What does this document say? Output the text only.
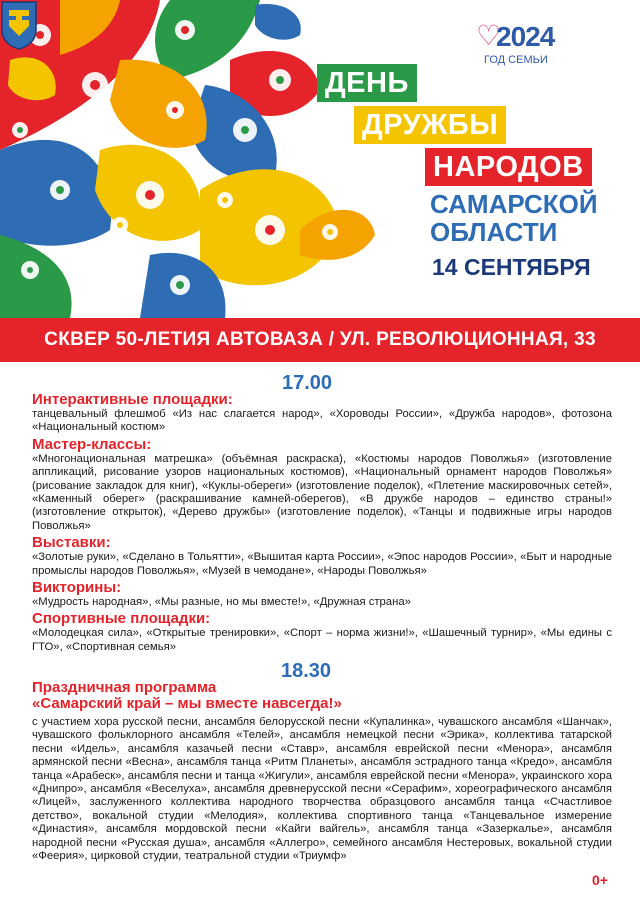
♡
2024
ГОД СЕМЬИ
ДЕНЬ
ДРУЖБЫ
НАРОДОВ
САМАРСКОЙ
ОБЛАСТИ
14 СЕНТЯБРЯ
СКВЕР 50-ЛЕТИЯ АВТОВАЗА / УЛ. РЕВОЛЮЦИОННАЯ, 33
17.00

Интерактивные площадки:

танцевальный флешмоб «Из нас слагается народ», «Хороводы России», «Дружба народов», фотозона «Национальный костюм»

Мастер-классы:

«Многонациональная матрешка» (объёмная раскраска), «Костюмы народов Поволжья» (изготовление аппликаций, рисование узоров национальных костюмов), «Национальный орнамент народов Поволжья» (рисование закладок для книг), «Куклы-обереги» (изготовление поделок), «Плетение маскировочных сетей», «Каменный оберег» (раскрашивание камней-оберегов), «В дружбе народов – единство страны!» (изготовление открыток), «Дерево дружбы» (изготовление поделок), «Танцы и подвижные игры народов Поволжья»

Выставки:

«Золотые руки», «Сделано в Тольятти», «Вышитая карта России», «Эпос народов России», «Быт и народные промыслы народов Поволжья», «Музей в чемодане», «Народы Поволжья»

Викторины:

«Мудрость народная», «Мы разные, но мы вместе!», «Дружная страна»

Спортивные площадки:

«Молодецкая сила», «Открытые тренировки», «Спорт – норма жизни!», «Шашечный турнир», «Мы едины с ГТО», «Спортивная семья»

18.30
Праздничная программа
«Самарский край – мы вместе навсегда!»

с участием хора русской песни, ансамбля белорусской песни «Купалинка», чувашского ансамбля «Шанчак», чувашского фольклорного ансамбля «Телей», ансамбля немецкой песни «Эрика», коллектива татарской песни «Идель», ансамбля казачьей песни «Ставр», ансамбля еврейской песни «Менора», ансамбля армянской песни «Весна», ансамбля танца «Ритм Планеты», ансамбля эстрадного танца «Кредо», ансамбля танца «Арабеск», ансамбля песни и танца «Жигули», ансамбля еврейской песни «Менора», украинского хора «Днипро», ансамбля «Веселуха», ансамбля древнерусской песни «Серафим», хореографического ансамбля «Лицей», заслуженного коллектива народного творчества образцового ансамбля танца «Счастливое детство», вокальной студии «Мелодия», коллектива спортивного танца «Танцевальное измерение «Династия», ансамбля мордовской песни «Кайги вайгель», ансамбля танца «Зазеркалье», ансамбля народной песни «Русская душа», ансамбля «Аллегро», семейного ансамбля Нестеровых, вокальной студии «Феерия», цирковой студии, театральной студии «Триумф»

0+
